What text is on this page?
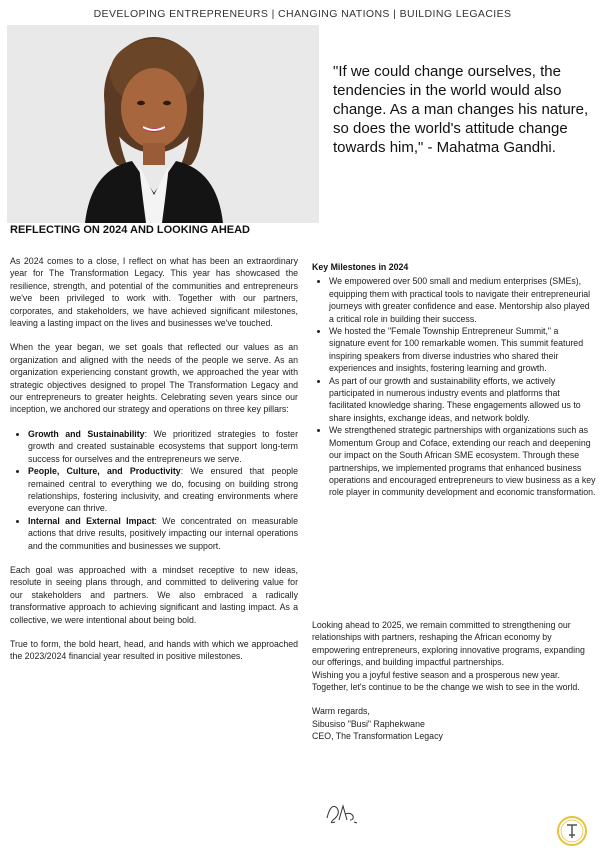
DEVELOPING ENTREPRENEURS | CHANGING NATIONS | BUILDING LEGACIES
"If we could change ourselves, the tendencies in the world would also change. As a man changes his nature, so does the world's attitude change towards him," - Mahatma Gandhi.
REFLECTING ON 2024 AND LOOKING AHEAD

As 2024 comes to a close, I reflect on what has been an extraordinary year for The Transformation Legacy. This year has showcased the resilience, strength, and potential of the communities and entrepreneurs we've been privileged to work with. Together with our partners, corporates, and stakeholders, we have achieved significant milestones, leaving a lasting impact on the lives and businesses we've touched.

When the year began, we set goals that reflected our values as an organization and aligned with the needs of the people we serve. As an organization experiencing constant growth, we approached the year with strategic objectives designed to propel The Transformation Legacy and our entrepreneurs to greater heights. Celebrating seven years since our inception, we anchored our strategy and operations on three key pillars:

• Growth and Sustainability: We prioritized strategies to foster growth and created sustainable ecosystems that support long-term success for ourselves and the entrepreneurs we serve.
• People, Culture, and Productivity: We ensured that people remained central to everything we do, focusing on building strong relationships, fostering inclusivity, and creating environments where everyone can thrive.
• Internal and External Impact: We concentrated on measurable actions that drive results, positively impacting our internal operations and the communities and businesses we support.

Each goal was approached with a mindset receptive to new ideas, resolute in seeing plans through, and committed to delivering value for our stakeholders and partners. We also embraced a radically transformative approach to achieving significant and lasting impact. As a collective, we were intentional about being bold.

True to form, the bold heart, head, and hands with which we approached the 2023/2024 financial year resulted in positive milestones.

Key Milestones in 2024
• We empowered over 500 small and medium enterprises (SMEs), equipping them with practical tools to navigate their entrepreneurial journeys with greater confidence and ease. Mentorship also played a critical role in building their success.
• We hosted the "Female Township Entrepreneur Summit," a signature event for 100 remarkable women. This summit featured inspiring speakers from diverse industries who shared their experiences and insights, fostering learning and growth.
• As part of our growth and sustainability efforts, we actively participated in numerous industry events and platforms that facilitated knowledge sharing. These engagements allowed us to share insights, exchange ideas, and network boldly.
• We strengthened strategic partnerships with organizations such as Momentum Group and Coface, extending our reach and deepening our impact on the South African SME ecosystem. Through these partnerships, we implemented programs that enhanced business operations and encouraged entrepreneurs to view business as a key role player in community development and economic transformation.

Looking ahead to 2025, we remain committed to strengthening our relationships with partners, reshaping the African economy by empowering entrepreneurs, exploring innovative programs, expanding our offerings, and building impactful partnerships.

Wishing you a joyful festive season and a prosperous new year. Together, let's continue to be the change we wish to see in the world.

Warm regards,

Sibusiso "Busi" Raphekwane

CEO, The Transformation Legacy
